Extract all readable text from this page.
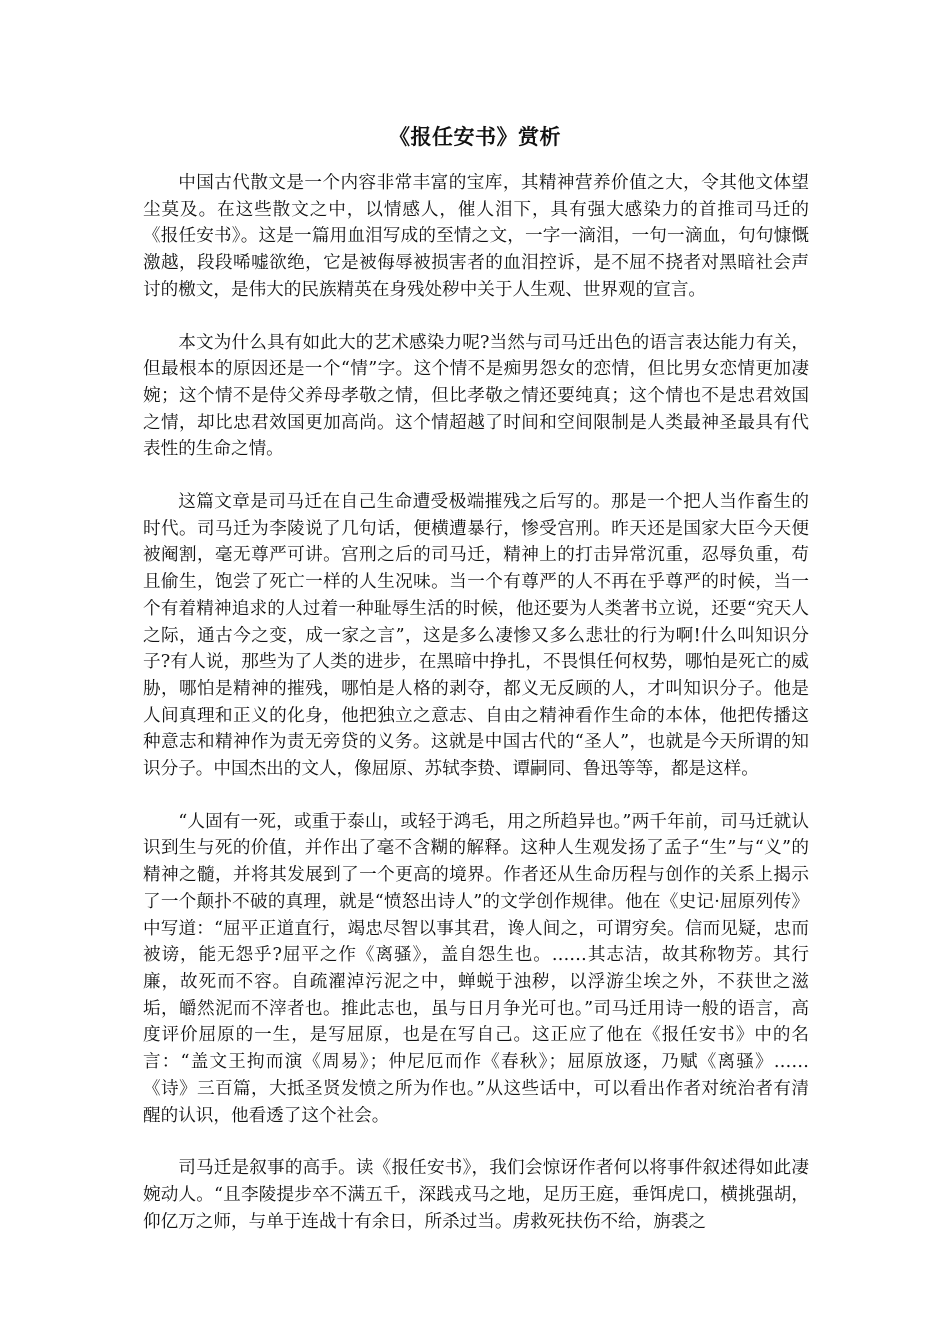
《报任安书》赏析

中国古代散文是一个内容非常丰富的宝库，其精神营养价值之大，令其他文体望尘莫及。在这些散文之中，以情感人，催人泪下，具有强大感染力的首推司马迁的《报任安书》。这是一篇用血泪写成的至情之文，一字一滴泪，一句一滴血，句句慷慨激越，段段唏嘘欲绝，它是被侮辱被损害者的血泪控诉，是不屈不挠者对黑暗社会声讨的檄文，是伟大的民族精英在身残处秽中关于人生观、世界观的宣言。

本文为什么具有如此大的艺术感染力呢?当然与司马迁出色的语言表达能力有关，但最根本的原因还是一个“情”字。这个情不是痴男怨女的恋情，但比男女恋情更加凄婉；这个情不是侍父养母孝敬之情，但比孝敬之情还要纯真；这个情也不是忠君效国之情，却比忠君效国更加高尚。这个情超越了时间和空间限制是人类最神圣最具有代表性的生命之情。

这篇文章是司马迁在自己生命遭受极端摧残之后写的。那是一个把人当作畜生的时代。司马迁为李陵说了几句话，便横遭暴行，惨受宫刑。昨天还是国家大臣今天便被阉割，毫无尊严可讲。宫刑之后的司马迁，精神上的打击异常沉重，忍辱负重，苟且偷生，饱尝了死亡一样的人生况味。当一个有尊严的人不再在乎尊严的时候，当一个有着精神追求的人过着一种耻辱生活的时候，他还要为人类著书立说，还要“究天人之际，通古今之变，成一家之言”，这是多么凄惨又多么悲壮的行为啊!什么叫知识分子?有人说，那些为了人类的进步，在黑暗中挣扎，不畏惧任何权势，哪怕是死亡的威胁，哪怕是精神的摧残，哪怕是人格的剥夺，都义无反顾的人，才叫知识分子。他是人间真理和正义的化身，他把独立之意志、自由之精神看作生命的本体，他把传播这种意志和精神作为责无旁贷的义务。这就是中国古代的“圣人”，也就是今天所谓的知识分子。中国杰出的文人，像屈原、苏轼李贽、谭嗣同、鲁迅等等，都是这样。

“人固有一死，或重于泰山，或轻于鸿毛，用之所趋异也。”两千年前，司马迁就认识到生与死的价值，并作出了毫不含糊的解释。这种人生观发扬了孟子“生”与“义”的精神之髓，并将其发展到了一个更高的境界。作者还从生命历程与创作的关系上揭示了一个颠扑不破的真理，就是“愤怒出诗人”的文学创作规律。他在《史记·屈原列传》中写道：“屈平正道直行，竭忠尽智以事其君，谗人间之，可谓穷矣。信而见疑，忠而被谤，能无怨乎?屈平之作《离骚》，盖自怨生也。……其志洁，故其称物芳。其行廉，故死而不容。自疏濯淖污泥之中，蝉蜕于浊秽，以浮游尘埃之外，不获世之滋垢，皭然泥而不滓者也。推此志也，虽与日月争光可也。”司马迁用诗一般的语言，高度评价屈原的一生，是写屈原，也是在写自己。这正应了他在《报任安书》中的名言：“盖文王拘而演《周易》；仲尼厄而作《春秋》；屈原放逐，乃赋《离骚》……《诗》三百篇，大抵圣贤发愤之所为作也。”从这些话中，可以看出作者对统治者有清醒的认识，他看透了这个社会。

司马迁是叙事的高手。读《报任安书》，我们会惊讶作者何以将事件叙述得如此凄婉动人。“且李陵提步卒不满五千，深践戎马之地，足历王庭，垂饵虎口，横挑强胡，仰亿万之师，与单于连战十有余日，所杀过当。虏救死扶伤不给，旃裘之
